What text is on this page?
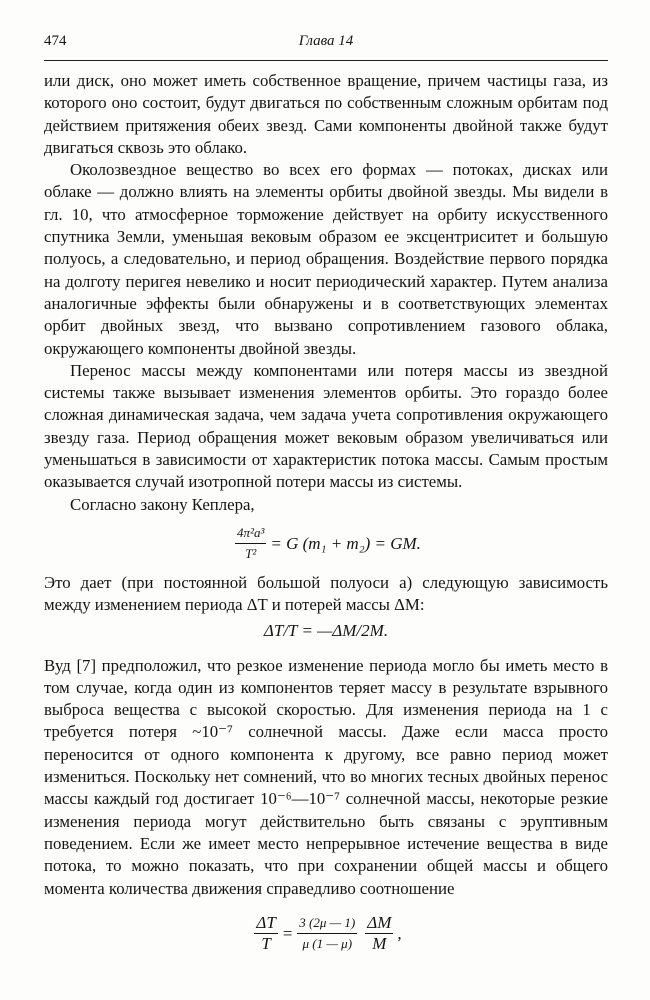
474	Глава 14

или диск, оно может иметь собственное вращение, причем частицы газа, из которого оно состоит, будут двигаться по собственным сложным орбитам под действием притяжения обеих звезд. Сами компоненты двойной также будут двигаться сквозь это облако.

Околозвездное вещество во всех его формах — потоках, дисках или облаке — должно влиять на элементы орбиты двойной звезды. Мы видели в гл. 10, что атмосферное торможение действует на орбиту искусственного спутника Земли, уменьшая вековым образом ее эксцентриситет и большую полуось, а следовательно, и период обращения. Воздействие первого порядка на долготу перигея невелико и носит периодический характер. Путем анализа аналогичные эффекты были обнаружены и в соответствующих элементах орбит двойных звезд, что вызвано сопротивлением газового облака, окружающего компоненты двойной звезды.

Перенос массы между компонентами или потеря массы из звездной системы также вызывает изменения элементов орбиты. Это гораздо более сложная динамическая задача, чем задача учета сопротивления окружающего звезду газа. Период обращения может вековым образом увеличиваться или уменьшаться в зависимости от характеристик потока массы. Самым простым оказывается случай изотропной потери массы из системы.

Согласно закону Кеплера,

$\frac{\text{4π²a³}}{\text{T²}} = G$ (m₁ + m₂) = GM.

Это дает (при постоянной большой полуоси a) следующую зависимость между изменением периода ΔT и потерей массы ΔM:

ΔT/T = —ΔM/2M.

Вуд [7] предположил, что резкое изменение периода могло бы иметь место в том случае, когда один из компонентов теряет массу в результате взрывного выброса вещества с высокой скоростью. Для изменения периода на 1 с требуется потеря ~10⁻⁷ солнечной массы. Даже если масса просто переносится от одного компонента к другому, все равно период может измениться. Поскольку нет сомнений, что во многих тесных двойных перенос массы каждый год достигает 10⁻⁶—10⁻⁷ солнечной массы, некоторые резкие изменения периода могут действительно быть связаны с эруптивным поведением. Если же имеет место непрерывное истечение вещества в виде потока, то можно показать, что при сохранении общей массы и общего момента количества движения справедливо соотношение

$\frac{\Delta T}{T} = \frac{3 (2\mu — 1)}{\mu (1 — \mu)} \frac{\Delta M}{M}$ ,
